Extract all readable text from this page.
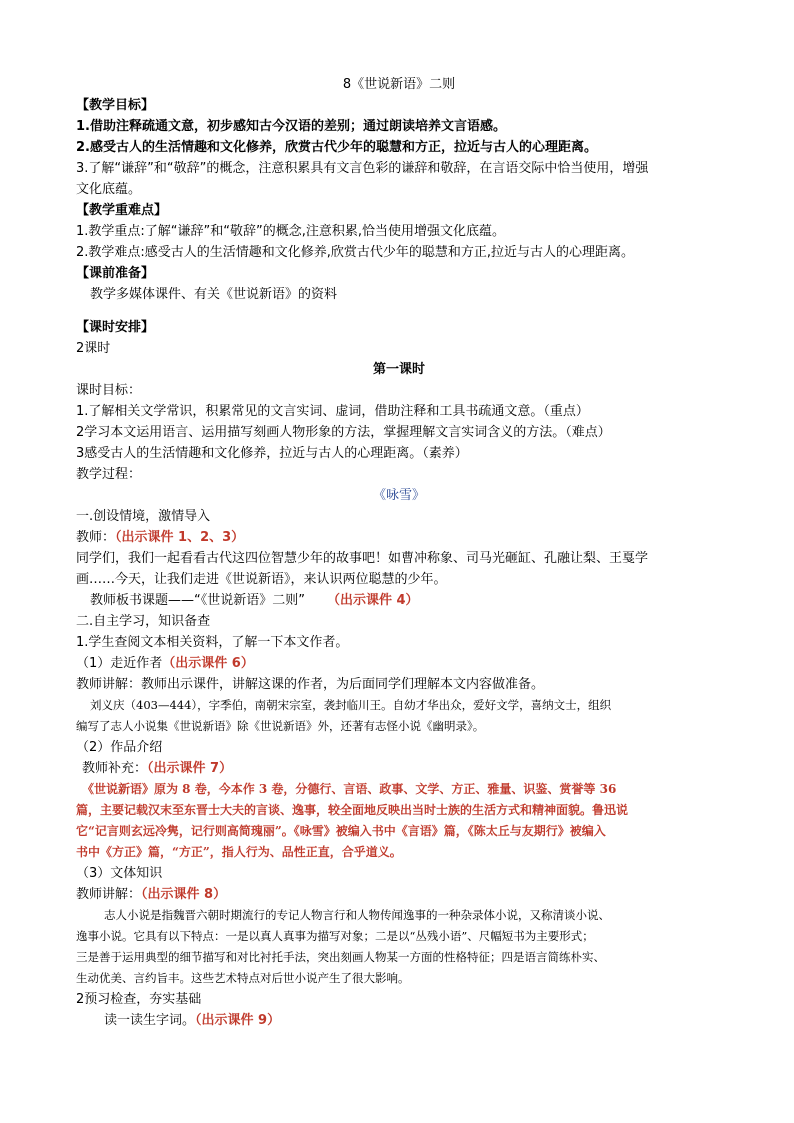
8《世说新语》二则
【教学目标】
1.借助注释疏通文意，初步感知古今汉语的差别；通过朗读培养文言语感。
2.感受古人的生活情趣和文化修养，欣赏古代少年的聪慧和方正，拉近与古人的心理距离。
3.了解“谦辞”和“敬辞”的概念，注意积累具有文言色彩的谦辞和敬辞，在言语交际中恰当使用，增强
文化底蕴。
【教学重难点】
1.教学重点:了解“谦辞”和“敬辞”的概念,注意积累,恰当使用增强文化底蕴。
2.教学难点:感受古人的生活情趣和文化修养,欣赏古代少年的聪慧和方正,拉近与古人的心理距离。
【课前准备】
教学多媒体课件、有关《世说新语》的资料
【课时安排】
2课时
第一课时
课时目标：
1.了解相关文学常识，积累常见的文言实词、虚词，借助注释和工具书疏通文意。（重点）
2学习本文运用语言、运用描写刻画人物形象的方法，掌握理解文言实词含义的方法。（难点）
3感受古人的生活情趣和文化修养，拉近与古人的心理距离。（素养）
教学过程：
《咏雪》
一.创设情境，激情导入
教师：（出示课件 1、2、3）
同学们，我们一起看看古代这四位智慧少年的故事吧！如曹冲称象、司马光砸缸、孔融让梨、王戛学
画……今天，让我们走进《世说新语》，来认识两位聪慧的少年。
教师板书课题——“《世说新语》二则” （出示课件 4）
二.自主学习，知识备查
1.学生查阅文本相关资料，了解一下本文作者。
（1）走近作者（出示课件 6）
教师讲解：教师出示课件，讲解这课的作者，为后面同学们理解本文内容做准备。
刘义庆（403—444），字季伯，南朝宋宗室，袭封临川王。自幼才华出众，爱好文学，喜纳文士，组织
编写了志人小说集《世说新语》除《世说新语》外，还著有志怪小说《幽明录》。
（2）作品介绍
教师补充：（出示课件 7）
《世说新语》原为 8 卷，今本作 3 卷，分德行、言语、政事、文学、方正、雅量、识鉴、赏誉等 36
篇，主要记载汉末至东晋士大夫的言谈、逸事，较全面地反映出当时士族的生活方式和精神面貌。鲁迅说
它“记言则玄远冷隽，记行则高简瑰丽”。《咏雪》被编入书中《言语》篇，《陈太丘与友期行》被编入
书中《方正》篇，“方正”，指人行为、品性正直，合乎道义。
（3）文体知识
教师讲解：（出示课件 8）
志人小说是指魏晋六朝时期流行的专记人物言行和人物传闻逸事的一种杂录体小说，又称清谈小说、
逸事小说。它具有以下特点：一是以真人真事为描写对象；二是以“丛残小语”、尺幅短书为主要形式；
三是善于运用典型的细节描写和对比衬托手法，突出刻画人物某一方面的性格特征；四是语言简练朴实、
生动优美、言约旨丰。这些艺术特点对后世小说产生了很大影响。
2预习检查，夯实基础
读一读生字词。（出示课件 9）
